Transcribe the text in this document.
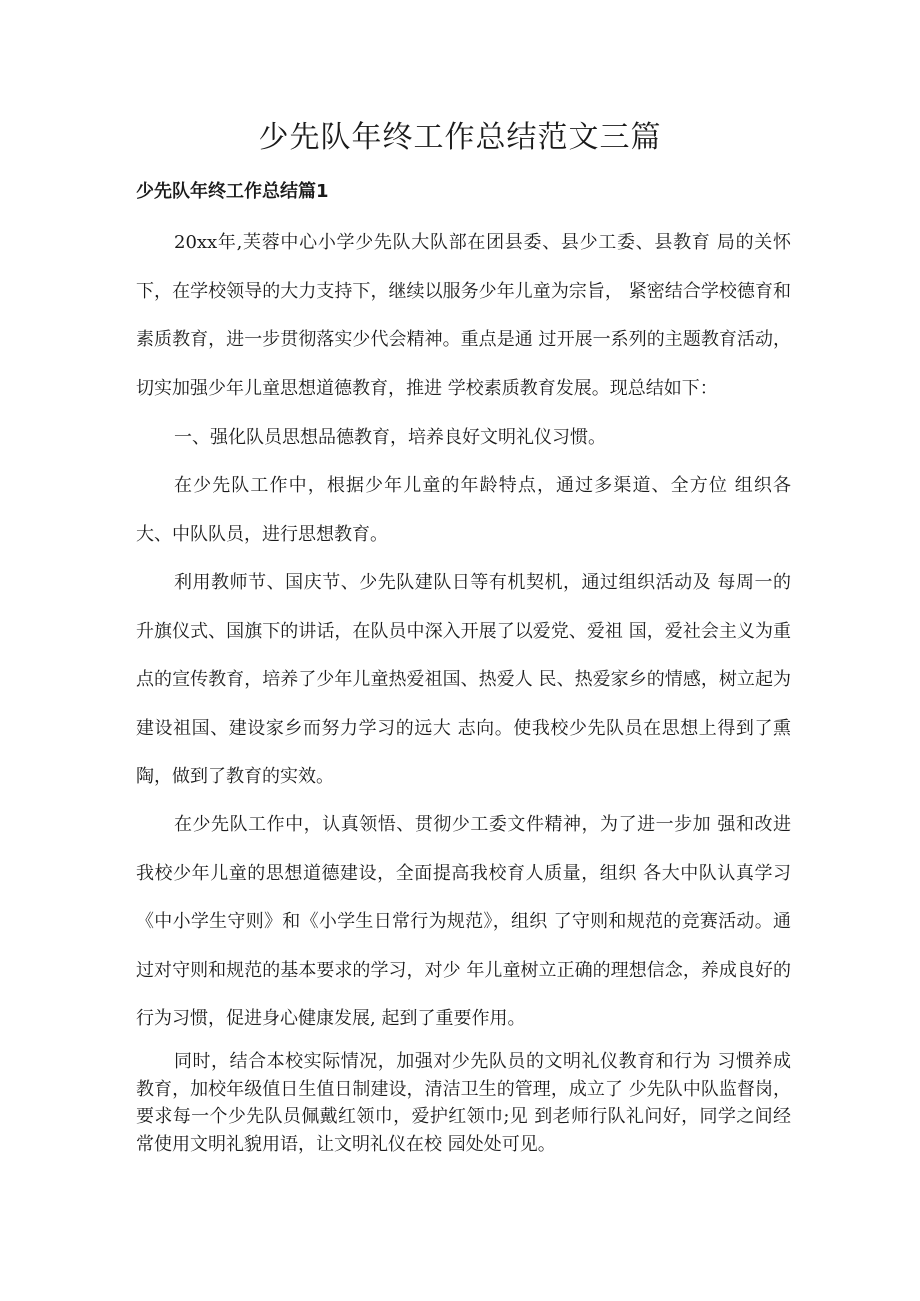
少先队年终工作总结范文三篇
少先队年终工作总结篇1

20xx年,芙蓉中心小学少先队大队部在团县委、县少工委、县教育 局的关怀下，在学校领导的大力支持下，继续以服务少年儿童为宗旨， 紧密结合学校德育和素质教育，进一步贯彻落实少代会精神。重点是通 过开展一系列的主题教育活动，切实加强少年儿童思想道德教育，推进 学校素质教育发展。现总结如下：

一、强化队员思想品德教育，培养良好文明礼仪习惯。

在少先队工作中，根据少年儿童的年龄特点，通过多渠道、全方位 组织各大、中队队员，进行思想教育。

利用教师节、国庆节、少先队建队日等有机契机，通过组织活动及 每周一的升旗仪式、国旗下的讲话，在队员中深入开展了以爱党、爱祖 国，爱社会主义为重点的宣传教育，培养了少年儿童热爱祖国、热爱人 民、热爱家乡的情感，树立起为建设祖国、建设家乡而努力学习的远大 志向。使我校少先队员在思想上得到了熏陶，做到了教育的实效。

在少先队工作中，认真领悟、贯彻少工委文件精神，为了进一步加 强和改进我校少年儿童的思想道德建设，全面提高我校育人质量，组织 各大中队认真学习《中小学生守则》和《小学生日常行为规范》，组织 了守则和规范的竞赛活动。通过对守则和规范的基本要求的学习，对少 年儿童树立正确的理想信念，养成良好的行为习惯，促进身心健康发展, 起到了重要作用。

同时，结合本校实际情况，加强对少先队员的文明礼仪教育和行为 习惯养成教育，加校年级值日生值日制建设，清洁卫生的管理，成立了 少先队中队监督岗，要求每一个少先队员佩戴红领巾，爱护红领巾;见 到老师行队礼问好，同学之间经常使用文明礼貌用语，让文明礼仪在校 园处处可见。
